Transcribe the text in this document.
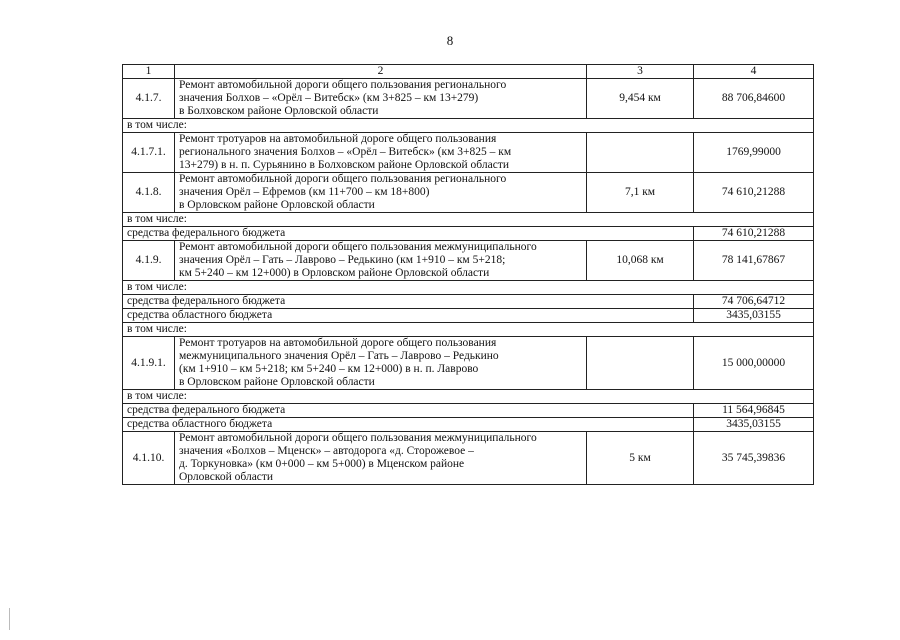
8
1	2	3	4
4.1.7.	Ремонт автомобильной дороги общего пользования регионального
значения Болхов – «Орёл – Витебск» (км 3+825 – км 13+279)
в Болховском районе Орловской области	9,454 км	88 706,84600
в том числе:			
4.1.7.1.	Ремонт тротуаров на автомобильной дороге общего пользования
регионального значения Болхов – «Орёл – Витебск» (км 3+825 – км
13+279) в н. п. Сурьянино в Болховском районе Орловской области		1769,99000
4.1.8.	Ремонт автомобильной дороги общего пользования регионального
значения Орёл – Ефремов (км 11+700 – км 18+800)
в Орловском районе Орловской области	7,1 км	74 610,21288
в том числе:			
средства федерального бюджета			74 610,21288
4.1.9.	Ремонт автомобильной дороги общего пользования межмуниципального
значения Орёл – Гать – Лаврово – Редькино (км 1+910 – км 5+218;
км 5+240 – км 12+000) в Орловском районе Орловской области	10,068 км	78 141,67867
в том числе:			
средства федерального бюджета			74 706,64712
средства областного бюджета			3435,03155
в том числе:			
4.1.9.1.	Ремонт тротуаров на автомобильной дороге общего пользования
межмуниципального значения Орёл – Гать – Лаврово – Редькино
(км 1+910 – км 5+218; км 5+240 – км 12+000) в н. п. Лаврово
в Орловском районе Орловской области		15 000,00000
в том числе:			
средства федерального бюджета			11 564,96845
средства областного бюджета			3435,03155
4.1.10.	Ремонт автомобильной дороги общего пользования межмуниципального
значения «Болхов – Мценск» – автодорога «д. Сторожевое –
д. Торкуновка» (км 0+000 – км 5+000) в Мценском районе
Орловской области	5 км	35 745,39836
